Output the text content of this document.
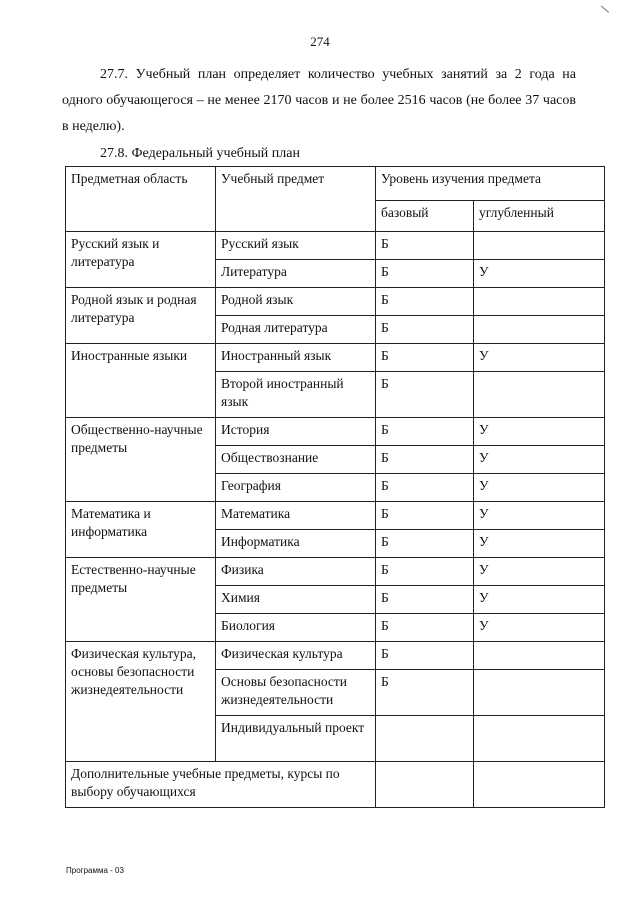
274

27.7. Учебный план определяет количество учебных занятий за 2 года на одного обучающегося – не менее 2170 часов и не более 2516 часов (не более 37 часов в неделю).

27.8. Федеральный учебный план

Предметная область	Учебный предмет	Уровень изучения предмета	
		базовый	углубленный
Русский язык и литература	Русский язык	Б	
	Литература	Б	У
Родной язык и родная литература	Родной язык	Б	
	Родная литература	Б	
Иностранные языки	Иностранный язык	Б	У
	Второй иностранный язык	Б	
Общественно-научные предметы	История	Б	У
	Обществознание	Б	У
	География	Б	У
Математика и информатика	Математика	Б	У
	Информатика	Б	У
Естественно-научные предметы	Физика	Б	У
	Химия	Б	У
	Биология	Б	У
Физическая культура, основы безопасности жизнедеятельности	Физическая культура	Б	
	Основы безопасности жизнедеятельности	Б	
	Индивидуальный проект		
Дополнительные учебные предметы, курсы по выбору обучающихся			
Программа - 03
